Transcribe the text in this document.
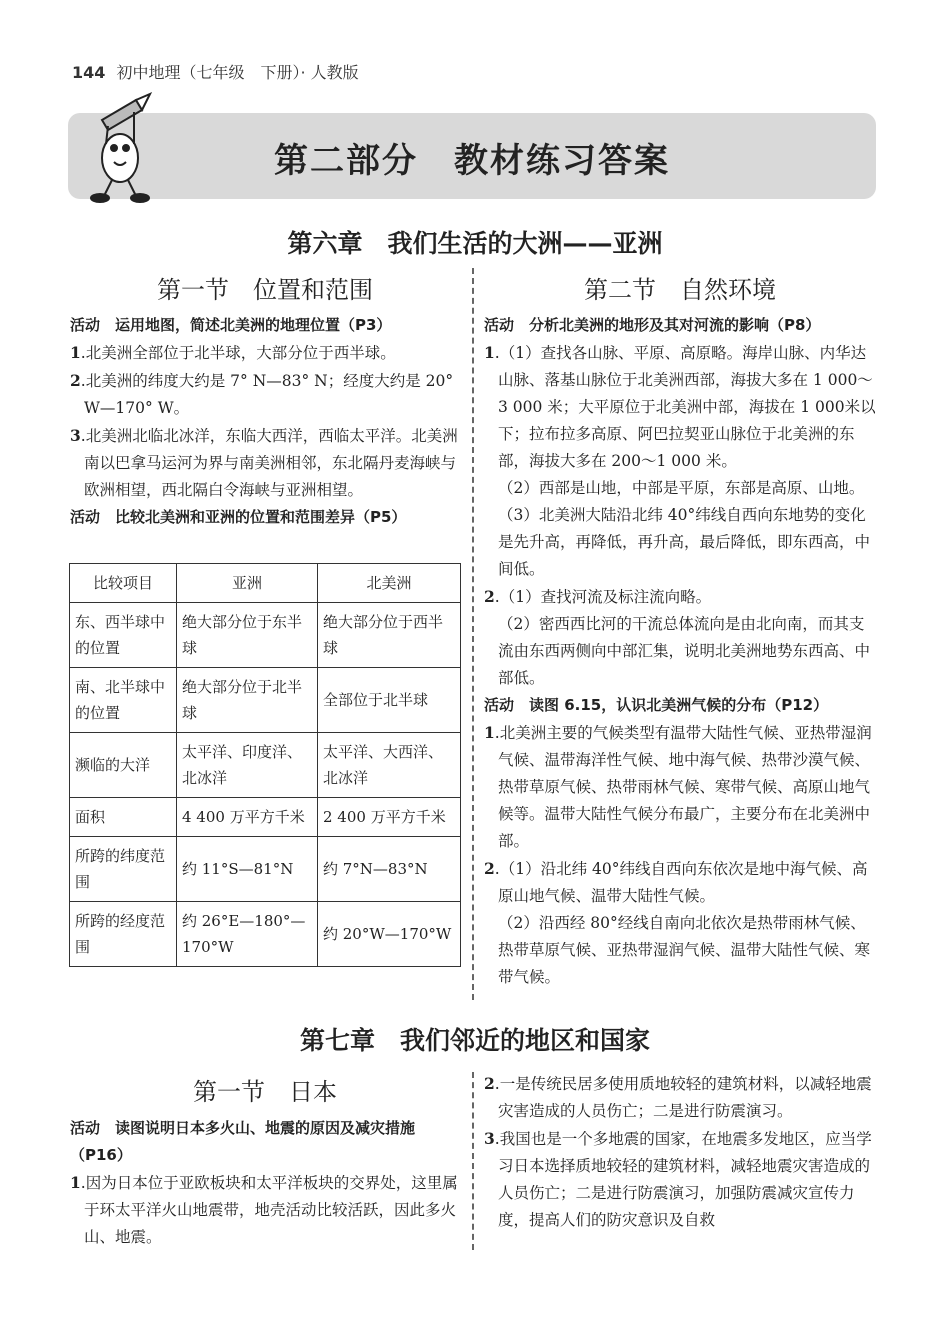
144 初中地理（七年级　下册）· 人教版
第二部分　教材练习答案
第六章　我们生活的大洲——亚洲
第一节　位置和范围	第二节　自然环境
活动　运用地图，简述北美洲的地理位置（P3）

1.北美洲全部位于北半球，大部分位于西半球。

2.北美洲的纬度大约是 7° N—83° N；经度大约是 20° W—170° W。

3.北美洲北临北冰洋，东临大西洋，西临太平洋。北美洲南以巴拿马运河为界与南美洲相邻，东北隔丹麦海峡与欧洲相望，西北隔白令海峡与亚洲相望。

活动　比较北美洲和亚洲的位置和范围差异（P5）
比较项目	亚洲	北美洲
东、西半球中的位置	绝大部分位于东半球	绝大部分位于西半球
南、北半球中的位置	绝大部分位于北半球	全部位于北半球
濒临的大洋	太平洋、印度洋、北冰洋	太平洋、大西洋、北冰洋
面积	4 400 万平方千米	2 400 万平方千米
所跨的纬度范围	约 11°S—81°N	约 7°N—83°N
所跨的经度范围	约 26°E—180°—170°W	约 20°W—170°W
活动　分析北美洲的地形及其对河流的影响（P8）

1.（1）查找各山脉、平原、高原略。海岸山脉、内华达山脉、落基山脉位于北美洲西部，海拔大多在 1 000～3 000 米；大平原位于北美洲中部，海拔在 1 000米以下；拉布拉多高原、阿巴拉契亚山脉位于北美洲的东部，海拔大多在 200～1 000 米。

（2）西部是山地，中部是平原，东部是高原、山地。

（3）北美洲大陆沿北纬 40°纬线自西向东地势的变化是先升高，再降低，再升高，最后降低，即东西高，中间低。

2.（1）查找河流及标注流向略。

（2）密西西比河的干流总体流向是由北向南，而其支流由东西两侧向中部汇集，说明北美洲地势东西高、中部低。

活动　读图 6.15，认识北美洲气候的分布（P12）

1.北美洲主要的气候类型有温带大陆性气候、亚热带湿润气候、温带海洋性气候、地中海气候、热带沙漠气候、热带草原气候、热带雨林气候、寒带气候、高原山地气候等。温带大陆性气候分布最广，主要分布在北美洲中部。

2.（1）沿北纬 40°纬线自西向东依次是地中海气候、高原山地气候、温带大陆性气候。

（2）沿西经 80°经线自南向北依次是热带雨林气候、热带草原气候、亚热带湿润气候、温带大陆性气候、寒带气候。

第七章　我们邻近的地区和国家
第一节　日本
活动　读图说明日本多火山、地震的原因及减灾措施（P16）

1.因为日本位于亚欧板块和太平洋板块的交界处，这里属于环太平洋火山地震带，地壳活动比较活跃，因此多火山、地震。

2.一是传统民居多使用质地较轻的建筑材料，以减轻地震灾害造成的人员伤亡；二是进行防震演习。

3.我国也是一个多地震的国家，在地震多发地区，应当学习日本选择质地较轻的建筑材料，减轻地震灾害造成的人员伤亡；二是进行防震演习，加强防震减灾宣传力度，提高人们的防灾意识及自救
